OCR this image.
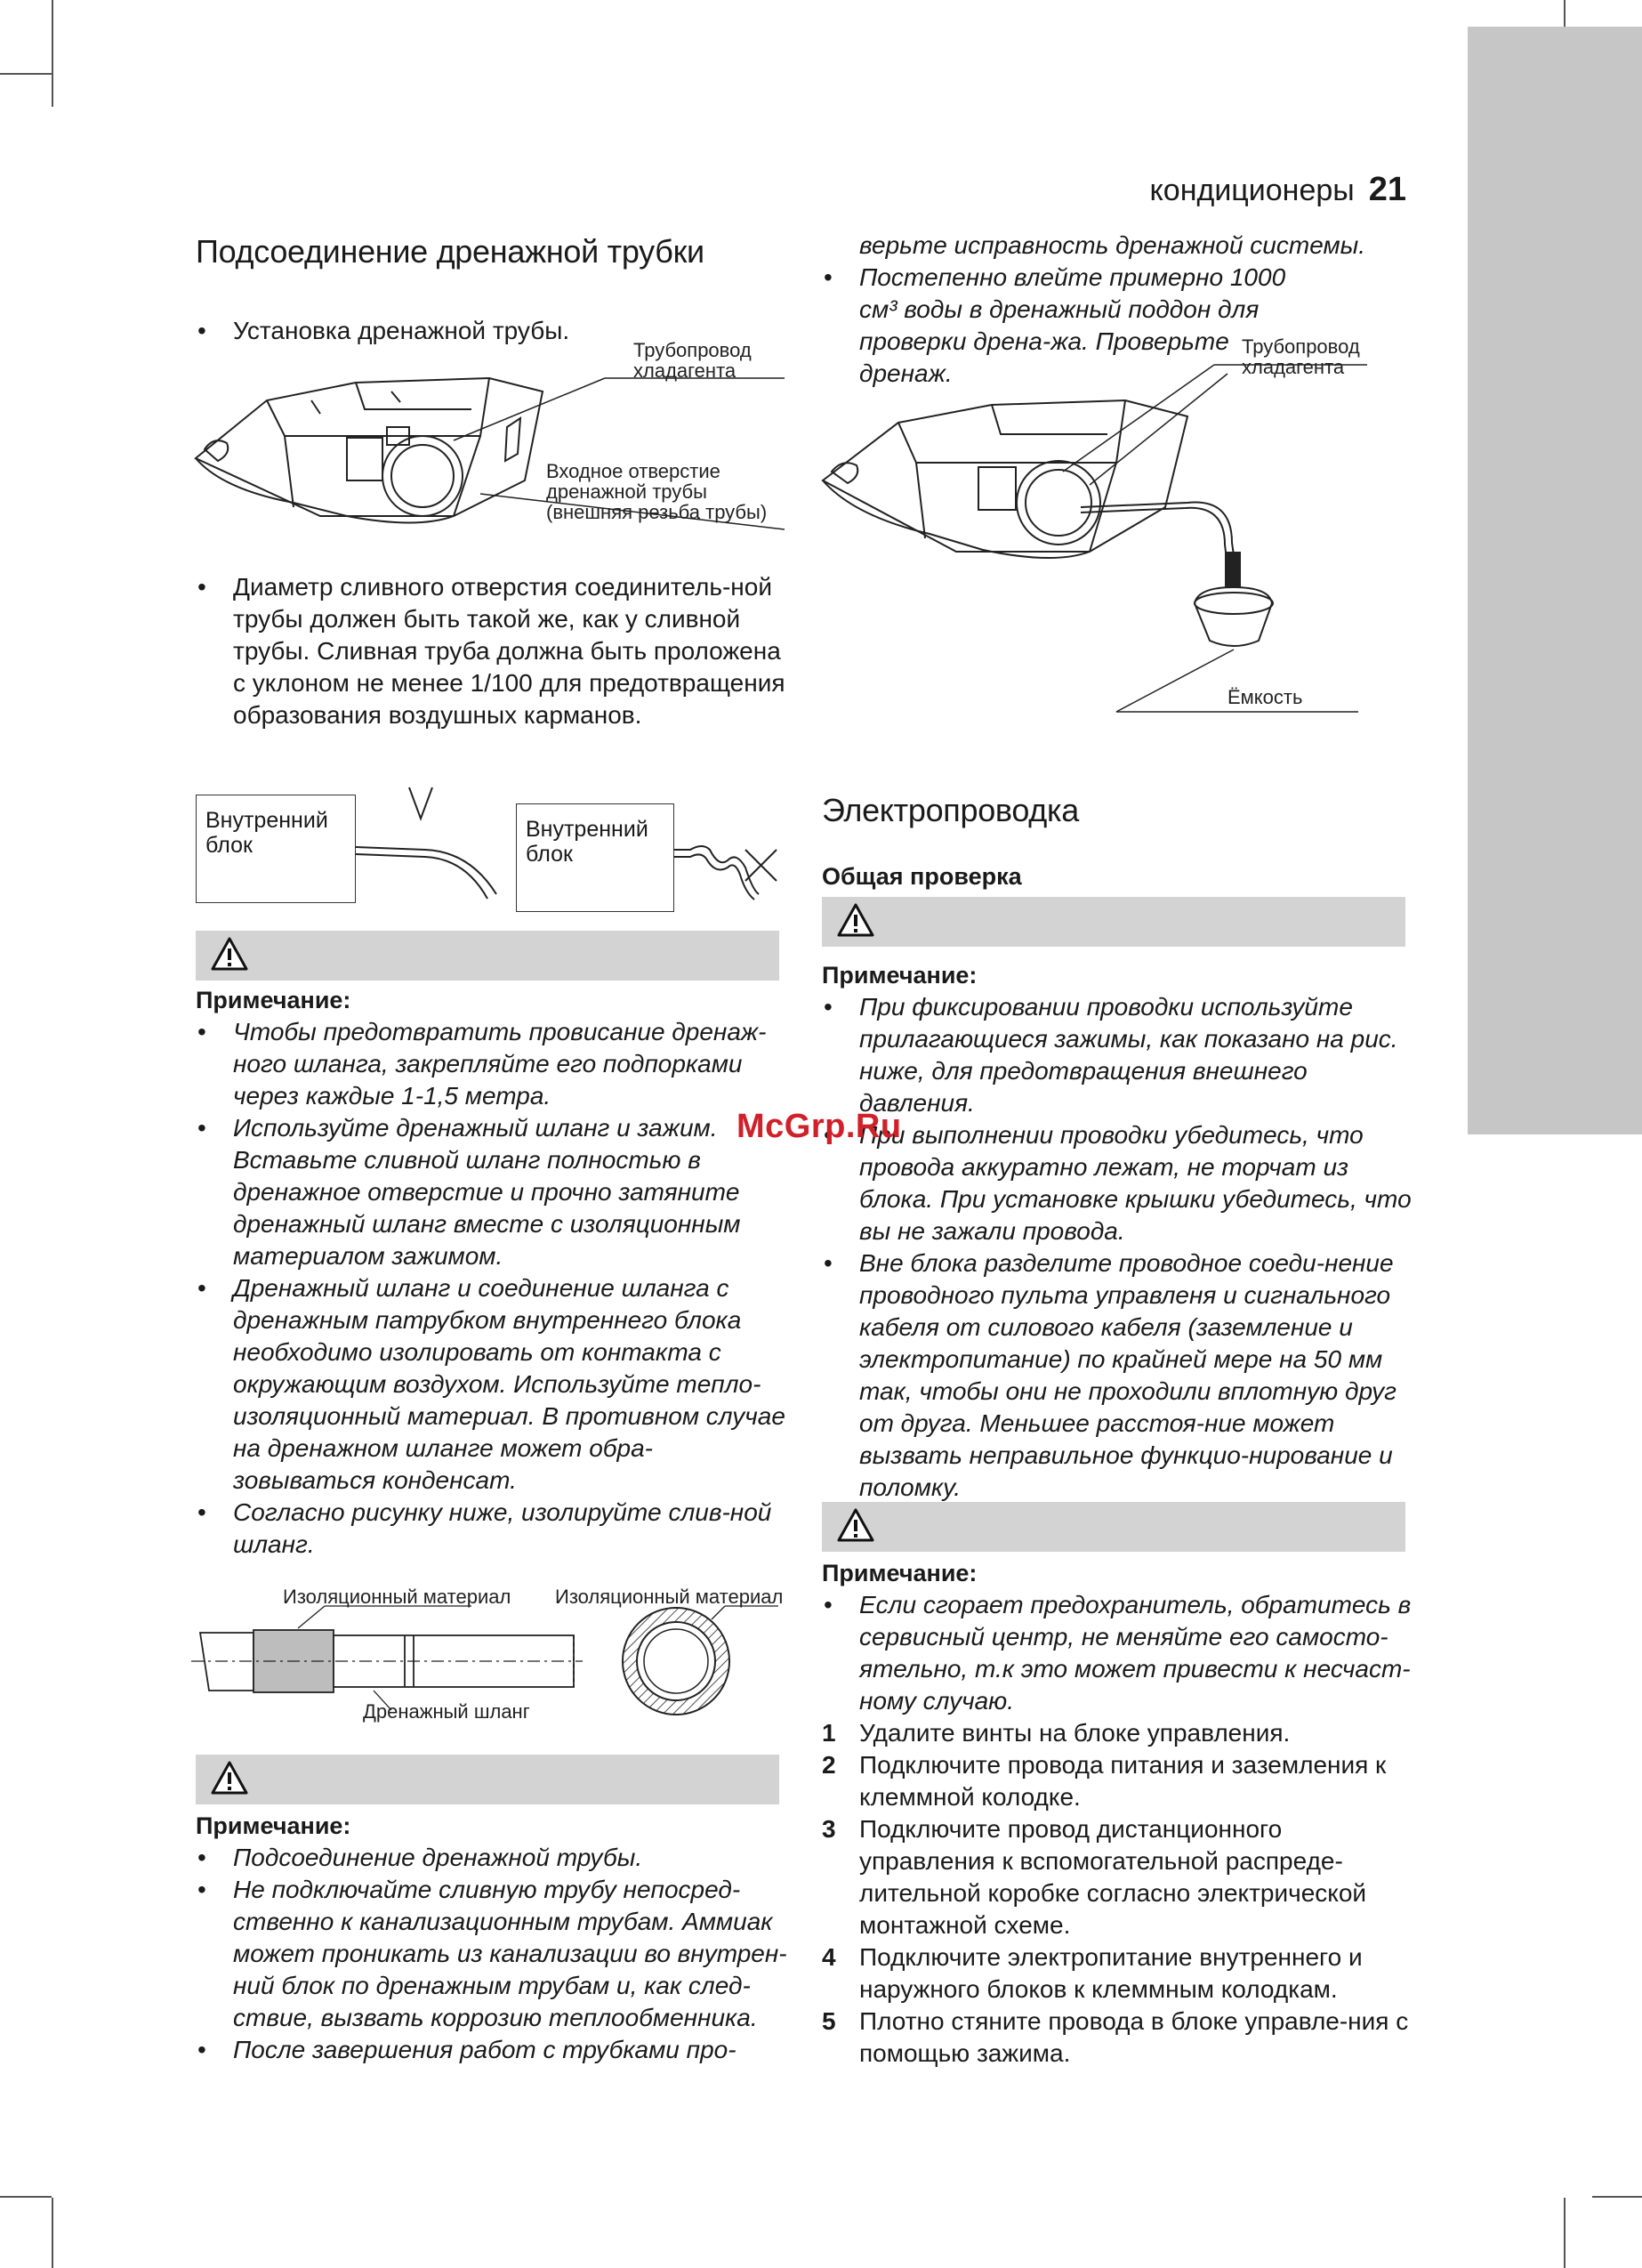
кондиционеры 21
Подсоединение дренажной трубки
• Установка дренажной трубы.
Трубопровод
хладагента
Входное отверстие
дренажной трубы
(внешняя резьба трубы)
• Диаметр сливного отверстия соединитель-ной трубы должен быть такой же, как у сливной трубы. Сливная труба должна быть проложена с уклоном не менее 1/100 для предотвращения образования воздушных карманов.
Внутренний
блок
Внутренний
блок
Примечание:
• Чтобы предотвратить провисание дренаж-ного шланга, закрепляйте его подпорками через каждые 1-1,5 метра.
• Используйте дренажный шланг и зажим. Вставьте сливной шланг полностью в дренажное отверстие и прочно затяните дренажный шланг вместе с изоляционным материалом зажимом.
• Дренажный шланг и соединение шланга с дренажным патрубком внутреннего блока необходимо изолировать от контакта с окружающим воздухом. Используйте тепло-изоляционный материал. В противном случае на дренажном шланге может обра-зовываться конденсат.
• Согласно рисунку ниже, изолируйте слив-ной шланг.
Изоляционный материал Изоляционный материал
Дренажный шланг
Примечание:
• Подсоединение дренажной трубы.
• Не подключайте сливную трубу непосред-ственно к канализационным трубам. Аммиак может проникать из канализации во внутрен-ний блок по дренажным трубам и, как след-ствие, вызвать коррозию теплообменника.
• После завершения работ с трубками про-
верьте исправность дренажной системы.
• Постепенно влейте примерно 1000 см³ воды в дренажный поддон для проверки дрена-жа. Проверьте дренаж.
Трубопровод
хладагента
Ёмкость
Электропроводка
Общая проверка
Примечание:
• При фиксировании проводки используйте прилагающиеся зажимы, как показано на рис. ниже, для предотвращения внешнего давления.
• При выполнении проводки убедитесь, что провода аккуратно лежат, не торчат из блока. При установке крышки убедитесь, что вы не зажали провода.
• Вне блока разделите проводное соеди-нение проводного пульта управленя и сигнального кабеля от силового кабеля (заземление и электропитание) по крайней мере на 50 мм так, чтобы они не проходили вплотную друг от друга. Меньшее расстоя-ние может вызвать неправильное функцио-нирование и поломку.
Примечание:
• Если сгорает предохранитель, обратитесь в сервисный центр, не меняйте его самосто-ятельно, т.к это может привести к несчаст-ному случаю.
1 Удалите винты на блоке управления.
2 Подключите провода питания и заземления к клеммной колодке.
3 Подключите провод дистанционного управления к вспомогательной распреде-лительной коробке согласно электрической монтажной схеме.
4 Подключите электропитание внутреннего и наружного блоков к клеммным колодкам.
5 Плотно стяните провода в блоке управле-ния с помощью зажима.
McGrp.Ru
